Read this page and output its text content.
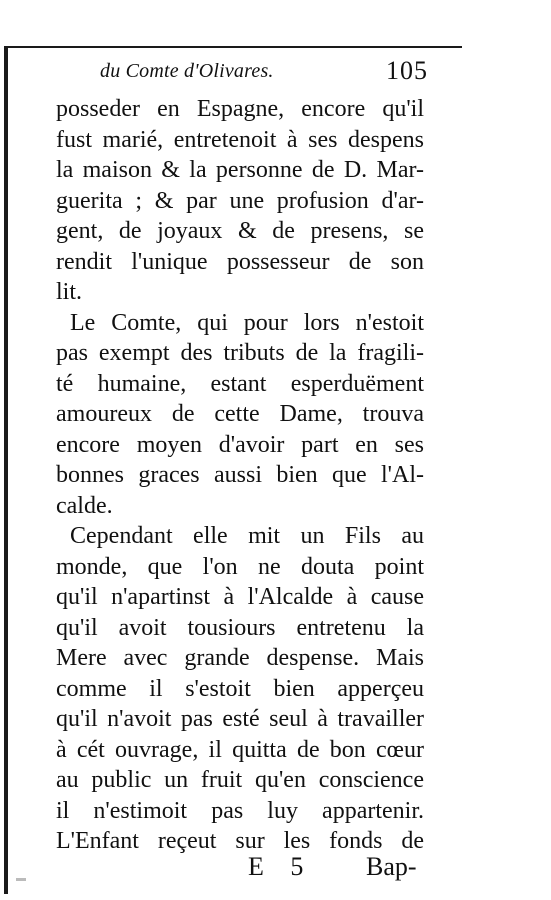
du Comte d'Olivares.	105
posseder en Espagne, encore qu'il
fust marié, entretenoit à ses despens
la maison & la personne de D. Mar-
guerita ; & par une profusion d'ar-
gent, de joyaux & de presens, se
rendit l'unique possesseur de son
lit.
Le Comte, qui pour lors n'estoit
pas exempt des tributs de la fragili-
té humaine, estant esperduëment
amoureux de cette Dame, trouva
encore moyen d'avoir part en ses
bonnes graces aussi bien que l'Al-
calde.
Cependant elle mit un Fils au
monde, que l'on ne douta point
qu'il n'apartinst à l'Alcalde à cause
qu'il avoit tousiours entretenu la
Mere avec grande despense. Mais
comme il s'estoit bien apperçeu
qu'il n'avoit pas esté seul à travailler
à cét ouvrage, il quitta de bon cœur
au public un fruit qu'en conscience
il n'estimoit pas luy appartenir.
L'Enfant reçeut sur les fonds de
E 5 Bap-
